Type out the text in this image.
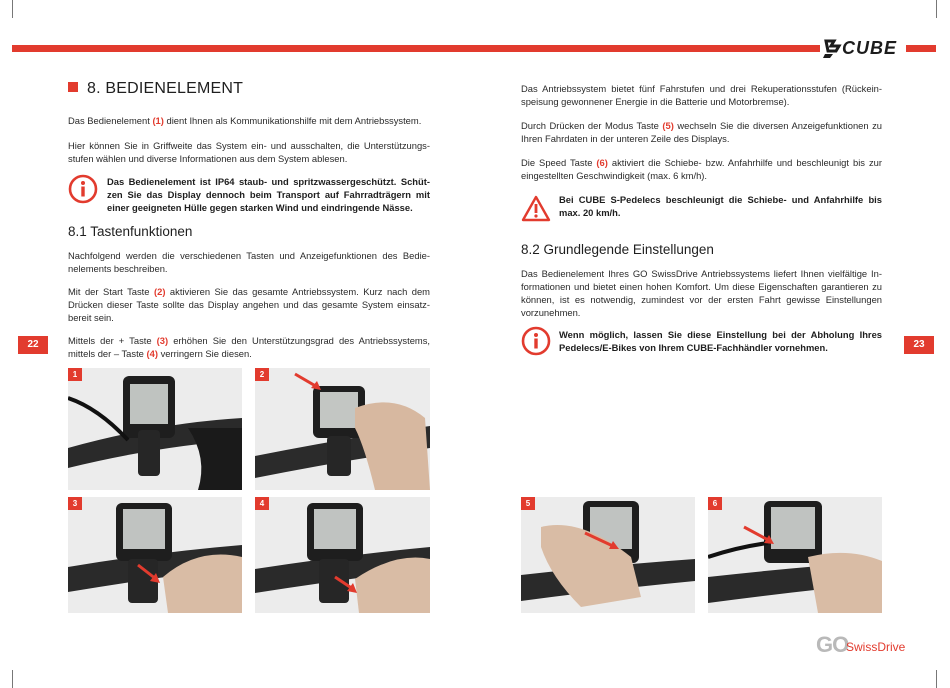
CUBE
22	23
8. BEDIENELEMENT

Das Bedienelement (1) dient Ihnen als Kommunikationshilfe mit dem Antriebssystem.

Hier können Sie in Griffweite das System ein- und ausschalten, die Unterstützungs- stufen wählen und diverse Informationen aus dem System ablesen.

Das Bedienelement ist IP64 staub- und spritzwassergeschützt. Schüt- zen Sie das Display dennoch beim Transport auf Fahrradträgern mit einer geeigneten Hülle gegen starken Wind und eindringende Nässe.
8.1 Tastenfunktionen

Nachfolgend werden die verschiedenen Tasten und Anzeigefunktionen des Bedie- nelements beschreiben.

Mit der Start Taste (2) aktivieren Sie das gesamte Antriebssystem. Kurz nach dem Drücken dieser Taste sollte das Display angehen und das gesamte System einsatz- bereit sein.

Mittels der + Taste (3) erhöhen Sie den Unterstützungsgrad des Antriebssystems, mittels der – Taste (4) verringern Sie diesen.

1	2
3	4

Das Antriebssystem bietet fünf Fahrstufen und drei Rekuperationsstufen (Rückein- speisung gewonnener Energie in die Batterie und Motorbremse).

Durch Drücken der Modus Taste (5) wechseln Sie die diversen Anzeigefunktionen zu Ihren Fahrdaten in der unteren Zeile des Displays.

Die Speed Taste (6) aktiviert die Schiebe- bzw. Anfahrhilfe und beschleunigt bis zur eingestellten Geschwindigkeit (max. 6 km/h).

Bei CUBE S-Pedelecs beschleunigt die Schiebe- und Anfahrhilfe bis max. 20 km/h.
8.2 Grundlegende Einstellungen

Das Bedienelement Ihres GO SwissDrive Antriebssystems liefert Ihnen vielfältige In- formationen und bietet einen hohen Komfort. Um diese Eigenschaften garantieren zu können, ist es notwendig, zumindest vor der ersten Fahrt gewisse Einstellungen vorzunehmen.

Wenn möglich, lassen Sie diese Einstellung bei der Abholung Ihres Pedelecs/E-Bikes von Ihrem CUBE-Fachhändler vornehmen.
5	6
GO
SwissDrive
